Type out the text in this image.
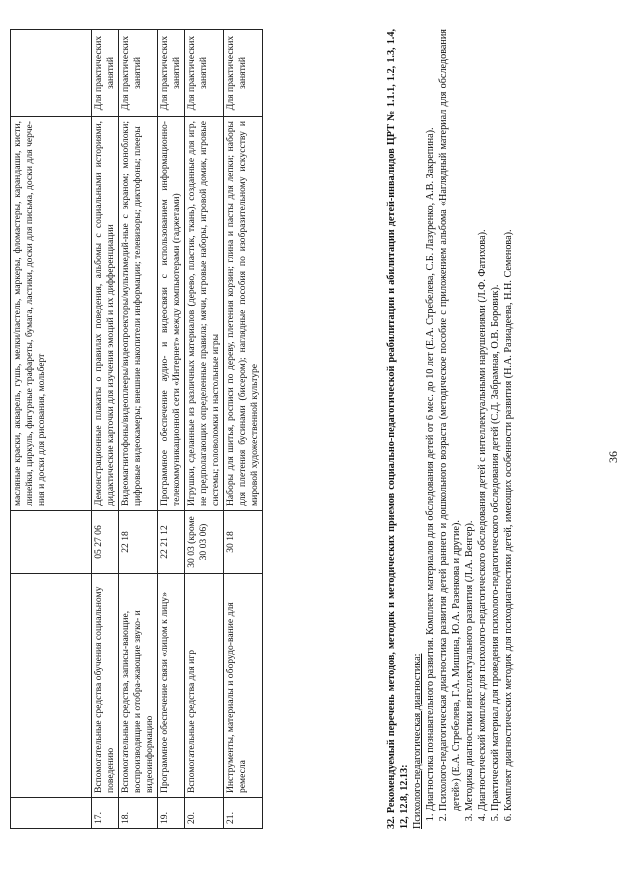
36
			масляные краски, акварель, гушь, мелки/пастель, маркеры, фломастеры, карандаши, кисти, линейки, циркуль, фигурные трафареты, бумага, ластики, доски для письма, доски для черче-ния и доски для рисования, мольберт	
17.	Вспомогательные средства обучения социальному поведению	05 27 06	Демонстрационные плакаты о правилах поведения, альбомы с социальными историями, дидактические карточки для изучения эмоций и их дифференциации	Для практических занятий
18.	Вспомогательные средства, записы-вающие, воспроизводящие и отобра-жающие звуко- и видеоинформацию	22 18	Видеомагнитофоны/видеоплееры/видеопроекторы/мультимедий-ные с экраном; моноблоки; цифровые видеокамеры; внешние накопители информации; телевизоры; диктофоны; плееры	Для практических занятий
19.	Программное обеспечение связи «лицом к лицу»	22 21 12	Программное обеспечение аудио- и видеосвязи с использованием информационно-телекоммуникационной сети «Интернет» между компьютерами (гаджетами)	Для практических занятий
20.	Вспомогательные средства для игр	30 03 (кроме 30 03 06)	Игрушки, сделанные из различных материалов (дерево, пластик, ткань), созданные для игр, не предполагающих определенные правила; мячи, игровые наборы, игровой домик, игровые системы; головоломки и настольные игры	Для практических занятий
21.	Инструменты, материалы и оборудо-вание для ремесла	30 18	Наборы для шитья, росписи по дереву, плетения корзин; глина и пасты для лепки; наборы для плетения бусинами (бисером); наглядные пособия по изобразительному искусству и мировой художественной культуре	Для практических занятий	32. Рекомендуемый перечень методов, методик и методических приемов социально-педагогической реабилитации и абилитации детей-инвалидов ЦРТ № 1.1.1, 1.2, 1.3, 1.4, 12, 12.8, 12.13: Психолого-педагогическая диагностика: 1. Диагностика познавательного развития. Комплект материалов для обследования детей от 6 мес. до 10 лет (Е.А. Стребелева, С.Б. Лазуренко, А.В. Закрепина). 2. Психолого-педагогическая диагностика развития детей раннего и дошкольного возраста (методическое пособие с приложением альбома «Наглядный материал для обследования детей») (Е.А. Стребелева, Г.А. Мишина, Ю.А. Разенкова и другие). 3. Методика диагностики интеллектуального развития (Л.А. Венгер). 4. Диагностический комплекс для психолого-педагогического обследования детей с интеллектуальными нарушениями (Л.Ф. Фатихова). 5. Практический материал для проведения психолого-педагогического обследования детей (С.Д. Забрамная, О.В. Боровик). 6. Комплект диагностических методик для психодиагностики детей, имеющих особенности развития (Н.А. Разиадеева, Н.Н. Семенова).
